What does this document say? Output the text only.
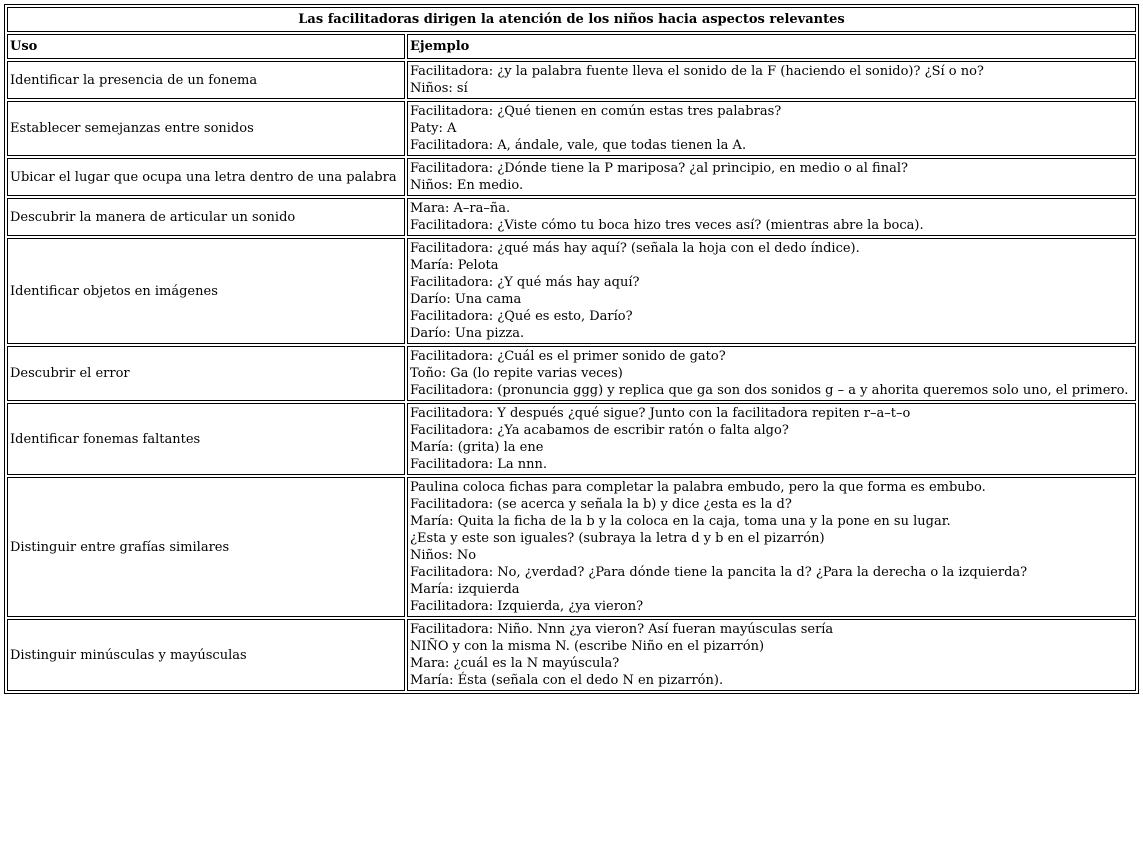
Las facilitadoras dirigen la atención de los niños hacia aspectos relevantes	
Uso	Ejemplo
Identificar la presencia de un fonema	Facilitadora: ¿y la palabra fuente lleva el sonido de la F (haciendo el sonido)? ¿Sí o no?
Niños: sí

Establecer semejanzas entre sonidos	Facilitadora: ¿Qué tienen en común estas tres palabras?
Paty: A
Facilitadora: A, ándale, vale, que todas tienen la A.

Ubicar el lugar que ocupa una letra dentro de una palabra	Facilitadora: ¿Dónde tiene la P mariposa? ¿al principio, en medio o al final?
Niños: En medio.

Descubrir la manera de articular un sonido	Mara: A–ra–ña.
Facilitadora: ¿Viste cómo tu boca hizo tres veces así? (mientras abre la boca).

Identificar objetos en imágenes	
Facilitadora: ¿qué más hay aquí? (señala la hoja con el dedo índice).
María: Pelota
Facilitadora: ¿Y qué más hay aquí?
Darío: Una cama
Facilitadora: ¿Qué es esto, Darío?
Darío: Una pizza.

Descubrir el error	Facilitadora: ¿Cuál es el primer sonido de gato?
Toño: Ga (lo repite varias veces)
Facilitadora: (pronuncia ggg) y replica que ga son dos sonidos g – a y ahorita queremos solo uno, el primero.

Identificar fonemas faltantes	Facilitadora: Y después ¿qué sigue? Junto con la facilitadora repiten r–a–t–o
Facilitadora: ¿Ya acabamos de escribir ratón o falta algo?
María: (grita) la ene
Facilitadora: La nnn.

Distinguir entre grafías similares	
Paulina coloca fichas para completar la palabra embudo, pero la que forma es embubo.
Facilitadora: (se acerca y señala la b) y dice ¿esta es la d?
María: Quita la ficha de la b y la coloca en la caja, toma una y la pone en su lugar.
¿Esta y este son iguales? (subraya la letra d y b en el pizarrón)
Niños: No
Facilitadora: No, ¿verdad? ¿Para dónde tiene la pancita la d? ¿Para la derecha o la izquierda?
María: izquierda
Facilitadora: Izquierda, ¿ya vieron?

Distinguir minúsculas y mayúsculas	Facilitadora: Niño. Nnn ¿ya vieron? Así fueran mayúsculas sería
NIÑO y con la misma N. (escribe Niño en el pizarrón)
Mara: ¿cuál es la N mayúscula?
María: Ésta (señala con el dedo N en pizarrón).
